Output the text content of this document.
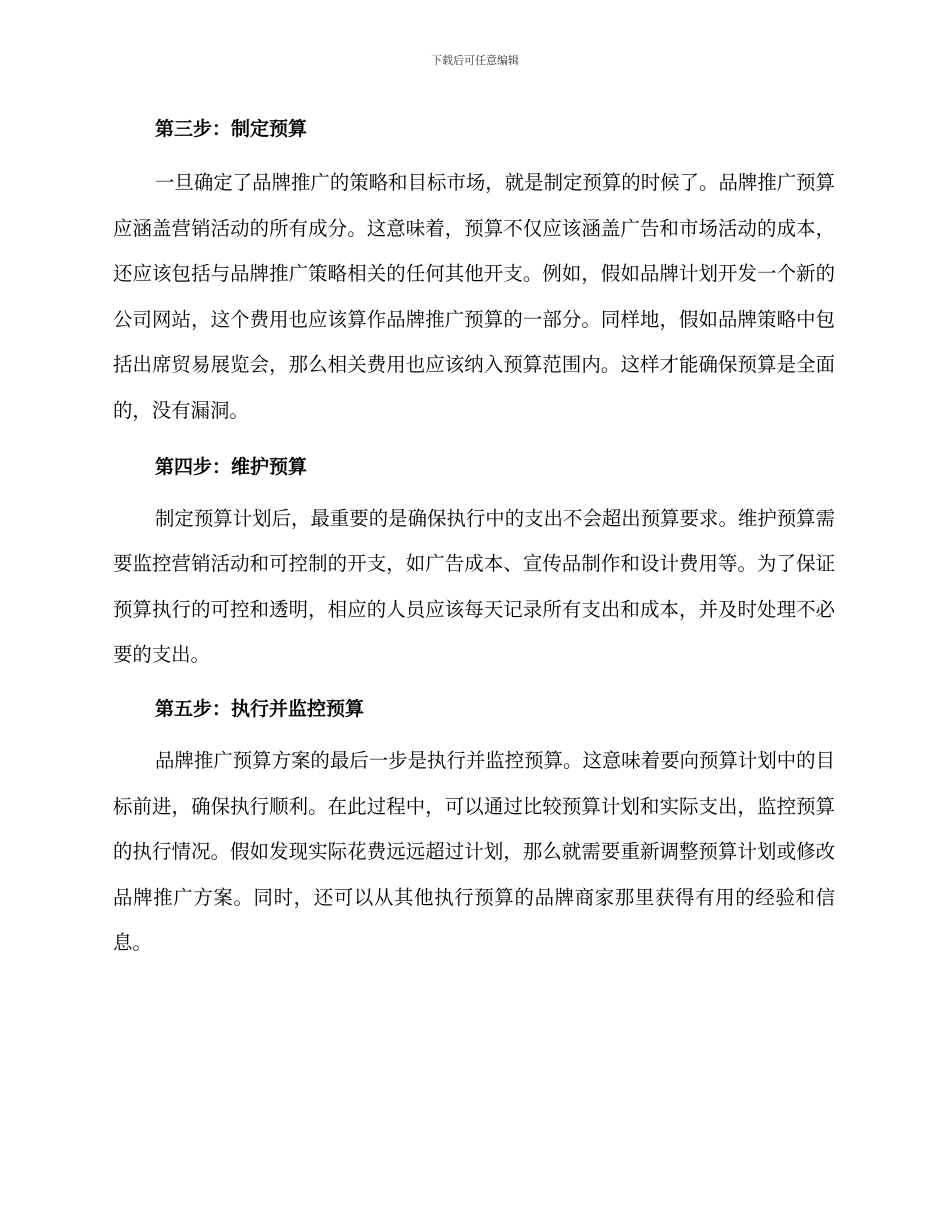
下载后可任意编辑
第三步：制定预算

一旦确定了品牌推广的策略和目标市场，就是制定预算的时候了。品牌推广预算应涵盖营销活动的所有成分。这意味着，预算不仅应该涵盖广告和市场活动的成本，还应该包括与品牌推广策略相关的任何其他开支。例如，假如品牌计划开发一个新的公司网站，这个费用也应该算作品牌推广预算的一部分。同样地，假如品牌策略中包括出席贸易展览会，那么相关费用也应该纳入预算范围内。这样才能确保预算是全面的，没有漏洞。

第四步：维护预算

制定预算计划后，最重要的是确保执行中的支出不会超出预算要求。维护预算需要监控营销活动和可控制的开支，如广告成本、宣传品制作和设计费用等。为了保证预算执行的可控和透明，相应的人员应该每天记录所有支出和成本，并及时处理不必要的支出。

第五步：执行并监控预算

品牌推广预算方案的最后一步是执行并监控预算。这意味着要向预算计划中的目标前进，确保执行顺利。在此过程中，可以通过比较预算计划和实际支出，监控预算的执行情况。假如发现实际花费远远超过计划，那么就需要重新调整预算计划或修改品牌推广方案。同时，还可以从其他执行预算的品牌商家那里获得有用的经验和信息。
